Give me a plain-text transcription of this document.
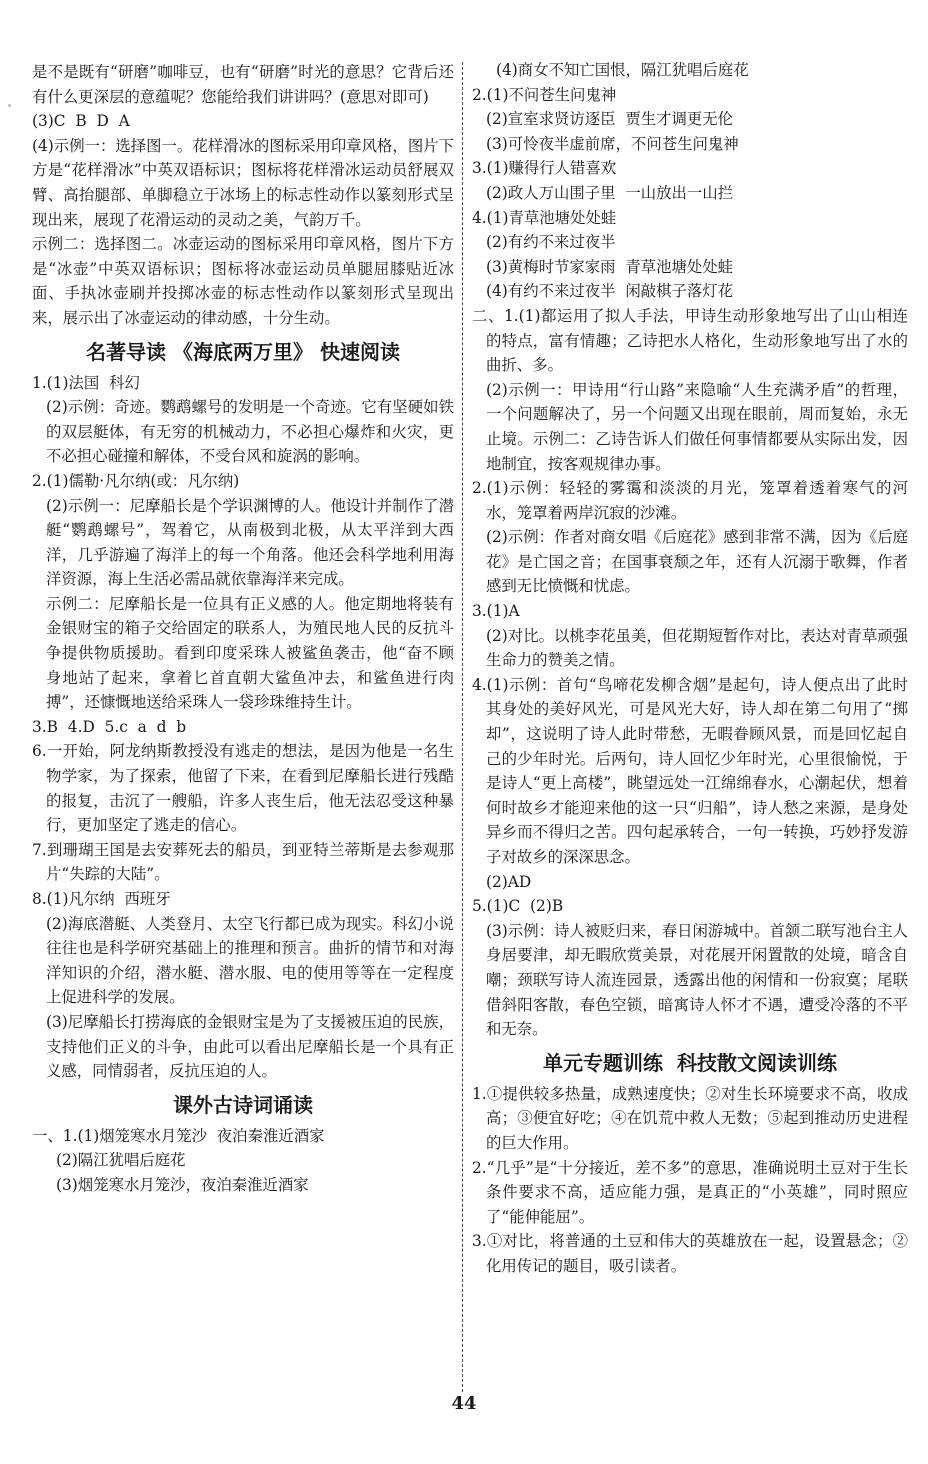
是不是既有“研磨”咖啡豆，也有“研磨”时光的意思？它背后还有什么更深层的意蕴呢？您能给我们讲讲吗？(意思对即可)

(3)C  B  D  A

(4)示例一：选择图一。花样滑冰的图标采用印章风格，图片下方是“花样滑冰”中英双语标识；图标将花样滑冰运动员舒展双臂、高抬腿部、单脚稳立于冰场上的标志性动作以篆刻形式呈现出来，展现了花滑运动的灵动之美，气韵万千。

示例二：选择图二。冰壶运动的图标采用印章风格，图片下方是“冰壶”中英双语标识；图标将冰壶运动员单腿屈膝贴近冰面、手执冰壶刷并投掷冰壶的标志性动作以篆刻形式呈现出来，展示出了冰壶运动的律动感，十分生动。

名著导读 《海底两万里》 快速阅读

1.(1)法国  科幻

(2)示例：奇迹。鹦鹉螺号的发明是一个奇迹。它有坚硬如铁的双层艇体，有无穷的机械动力，不必担心爆炸和火灾，更不必担心碰撞和解体，不受台风和旋涡的影响。

2.(1)儒勒·凡尔纳(或：凡尔纳)

(2)示例一：尼摩船长是个学识渊博的人。他设计并制作了潜艇“鹦鹉螺号”，驾着它，从南极到北极，从太平洋到大西洋，几乎游遍了海洋上的每一个角落。他还会科学地利用海洋资源，海上生活必需品就依靠海洋来完成。

示例二：尼摩船长是一位具有正义感的人。他定期地将装有金银财宝的箱子交给固定的联系人，为殖民地人民的反抗斗争提供物质援助。看到印度采珠人被鲨鱼袭击，他“奋不顾身地站了起来，拿着匕首直朝大鲨鱼冲去，和鲨鱼进行肉搏”，还慷慨地送给采珠人一袋珍珠维持生计。

3.B  4.D  5.c  a  d  b

6.一开始，阿龙纳斯教授没有逃走的想法，是因为他是一名生物学家，为了探索，他留了下来，在看到尼摩船长进行残酷的报复，击沉了一艘船，许多人丧生后，他无法忍受这种暴行，更加坚定了逃走的信心。

7.到珊瑚王国是去安葬死去的船员，到亚特兰蒂斯是去参观那片“失踪的大陆”。

8.(1)凡尔纳  西班牙

(2)海底潜艇、人类登月、太空飞行都已成为现实。科幻小说往往也是科学研究基础上的推理和预言。曲折的情节和对海洋知识的介绍，潜水艇、潜水服、电的使用等等在一定程度上促进科学的发展。

(3)尼摩船长打捞海底的金银财宝是为了支援被压迫的民族，支持他们正义的斗争，由此可以看出尼摩船长是一个具有正义感，同情弱者，反抗压迫的人。

课外古诗词诵读

一、1.(1)烟笼寒水月笼沙  夜泊秦淮近酒家

(2)隔江犹唱后庭花

(3)烟笼寒水月笼沙，夜泊秦淮近酒家

(4)商女不知亡国恨，隔江犹唱后庭花

2.(1)不问苍生问鬼神

(2)宣室求贤访逐臣  贾生才调更无伦

(3)可怜夜半虚前席，不问苍生问鬼神

3.(1)赚得行人错喜欢

(2)政人万山围子里  一山放出一山拦

4.(1)青草池塘处处蛙

(2)有约不来过夜半

(3)黄梅时节家家雨  青草池塘处处蛙

(4)有约不来过夜半  闲敲棋子落灯花

二、1.(1)都运用了拟人手法，甲诗生动形象地写出了山山相连的特点，富有情趣；乙诗把水人格化，生动形象地写出了水的曲折、多。

(2)示例一：甲诗用“行山路”来隐喻“人生充满矛盾”的哲理，一个问题解决了，另一个问题又出现在眼前，周而复始，永无止境。示例二：乙诗告诉人们做任何事情都要从实际出发，因地制宜，按客观规律办事。

2.(1)示例：轻轻的雾霭和淡淡的月光，笼罩着透着寒气的河水，笼罩着两岸沉寂的沙滩。

(2)示例：作者对商女唱《后庭花》感到非常不满，因为《后庭花》是亡国之音；在国事衰颓之年，还有人沉溺于歌舞，作者感到无比愤慨和忧虑。

3.(1)A

(2)对比。以桃李花虽美，但花期短暂作对比，表达对青草顽强生命力的赞美之情。

4.(1)示例：首句“鸟啼花发柳含烟”是起句，诗人便点出了此时其身处的美好风光，可是风光大好，诗人却在第二句用了“掷却”，这说明了诗人此时带愁，无暇眷顾风景，而是回忆起自己的少年时光。后两句，诗人回忆少年时光，心里很愉悦，于是诗人“更上高楼”，眺望远处一江绵绵春水，心潮起伏，想着何时故乡才能迎来他的这一只“归船”，诗人愁之来源，是身处异乡而不得归之苦。四句起承转合，一句一转换，巧妙抒发游子对故乡的深深思念。

(2)AD

5.(1)C  (2)B

(3)示例：诗人被贬归来，春日闲游城中。首颔二联写池台主人身居要津，却无暇欣赏美景，对花展开闲置散的处境，暗含自嘲；颈联写诗人流连园景，透露出他的闲情和一份寂寞；尾联借斜阳客散，春色空锁，暗寓诗人怀才不遇，遭受冷落的不平和无奈。

单元专题训练  科技散文阅读训练

1.①提供较多热量，成熟速度快；②对生长环境要求不高，收成高；③便宜好吃；④在饥荒中救人无数；⑤起到推动历史进程的巨大作用。

2.“几乎”是“十分接近，差不多”的意思，准确说明土豆对于生长条件要求不高，适应能力强，是真正的“小英雄”，同时照应了“能伸能屈”。

3.①对比，将普通的土豆和伟大的英雄放在一起，设置悬念；②化用传记的题目，吸引读者。

44
